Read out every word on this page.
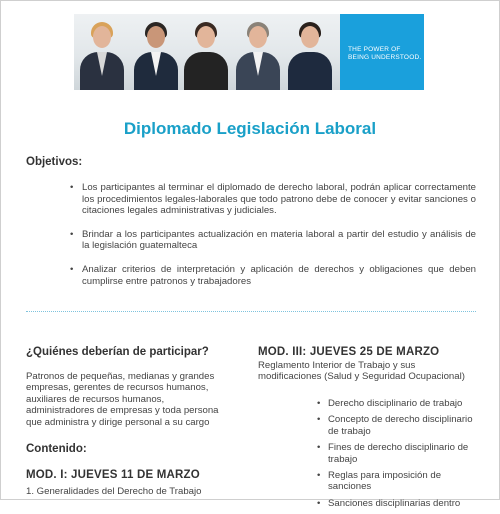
THE POWER OF
BEING UNDERSTOOD.
Diplomado Legislación Laboral
Objetivos:
• Los participantes al terminar el diplomado de derecho laboral, podrán aplicar correctamente los procedimientos legales-laborales que todo patrono debe de conocer y evitar sanciones o citaciones legales administrativas y judiciales.
• Brindar a los participantes actualización en materia laboral a partir del estudio y análisis de la legislación guatemalteca
• Analizar criterios de interpretación y aplicación de derechos y obligaciones que deben cumplirse entre patronos y trabajadores
¿Quiénes deberían de participar?
Patronos de pequeñas, medianas y grandes empresas, gerentes de recursos humanos, auxiliares de recursos humanos, administradores de empresas y toda persona que administra y dirige personal a su cargo
Contenido:
MOD. I: JUEVES 11 DE MARZO
1. Generalidades del Derecho de Trabajo
MOD. III: JUEVES 25 DE MARZO
Reglamento Interior de Trabajo y sus modificaciones (Salud y Seguridad Ocupacional)
• Derecho disciplinario de trabajo
• Concepto de derecho disciplinario de trabajo
• Fines de derecho disciplinario de trabajo
• Reglas para imposición de sanciones
• Sanciones disciplinarias dentro
